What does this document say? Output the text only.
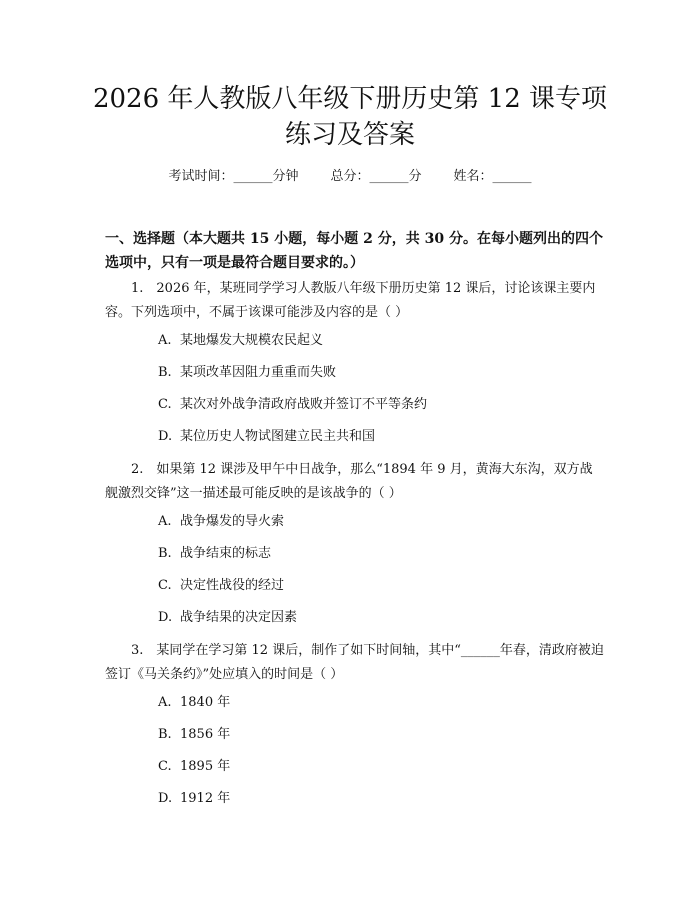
2026 年人教版八年级下册历史第 12 课专项
练习及答案
考试时间：______分钟 总分：______分 姓名：______
一、选择题（本大题共 15 小题，每小题 2 分，共 30 分。在每小题列出的四个选项中，只有一项是最符合题目要求的。）
1.　2026 年，某班同学学习人教版八年级下册历史第 12 课后，讨论该课主要内容。下列选项中，不属于该课可能涉及内容的是（ ）
A. 某地爆发大规模农民起义
B. 某项改革因阻力重重而失败
C. 某次对外战争清政府战败并签订不平等条约
D. 某位历史人物试图建立民主共和国
2.　如果第 12 课涉及甲午中日战争，那么“1894 年 9 月，黄海大东沟，双方战舰激烈交锋”这一描述最可能反映的是该战争的（ ）
A. 战争爆发的导火索
B. 战争结束的标志
C. 决定性战役的经过
D. 战争结果的决定因素
3.　某同学在学习第 12 课后，制作了如下时间轴，其中“______年春，清政府被迫签订《马关条约》”处应填入的时间是（ ）
A. 1840 年
B. 1856 年
C. 1895 年
D. 1912 年
